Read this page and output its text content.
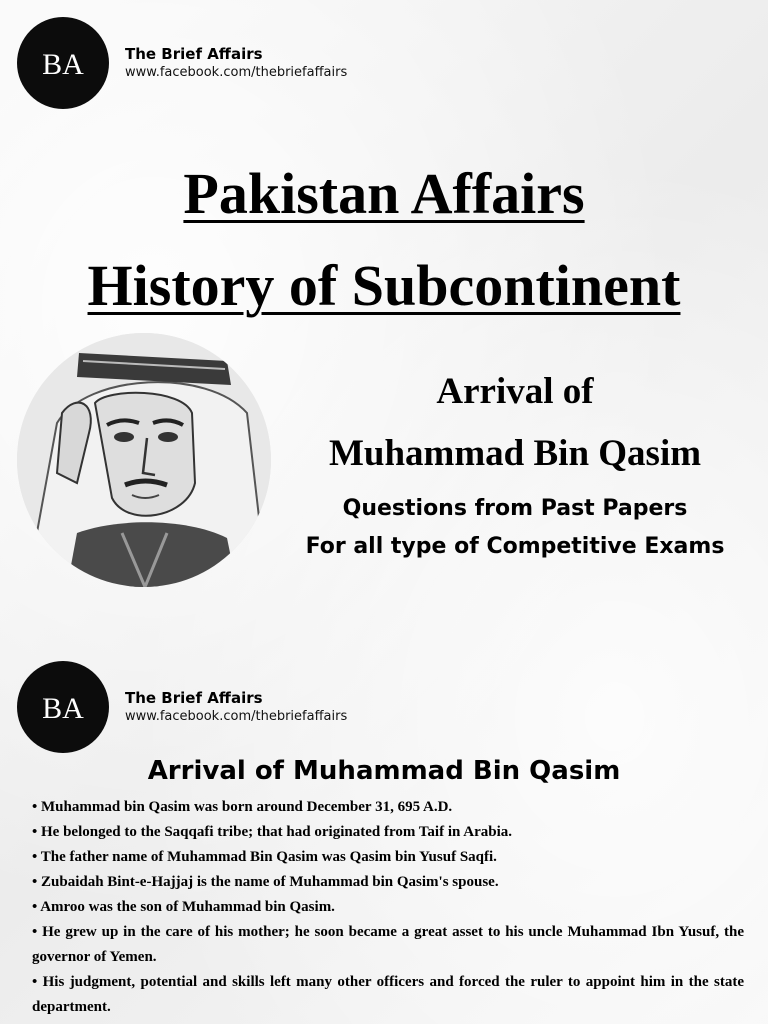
BA	The Brief Affairs
www.facebook.com/thebriefaffairs
Pakistan Affairs
History of Subcontinent
Arrival of
Muhammad Bin Qasim
Questions from Past Papers
For all type of Competitive Exams
BA	The Brief Affairs
www.facebook.com/thebriefaffairs
Arrival of Muhammad Bin Qasim
• Muhammad bin Qasim was born around December 31, 695 A.D.
• He belonged to the Saqqafi tribe; that had originated from Taif in Arabia.
• The father name of Muhammad Bin Qasim was Qasim bin Yusuf Saqfi.
• Zubaidah Bint-e-Hajjaj is the name of Muhammad bin Qasim's spouse.
• Amroo was the son of Muhammad bin Qasim.
• He grew up in the care of his mother; he soon became a great asset to his uncle Muhammad Ibn Yusuf, the governor of Yemen.
• His judgment, potential and skills left many other officers and forced the ruler to appoint him in the state department.
